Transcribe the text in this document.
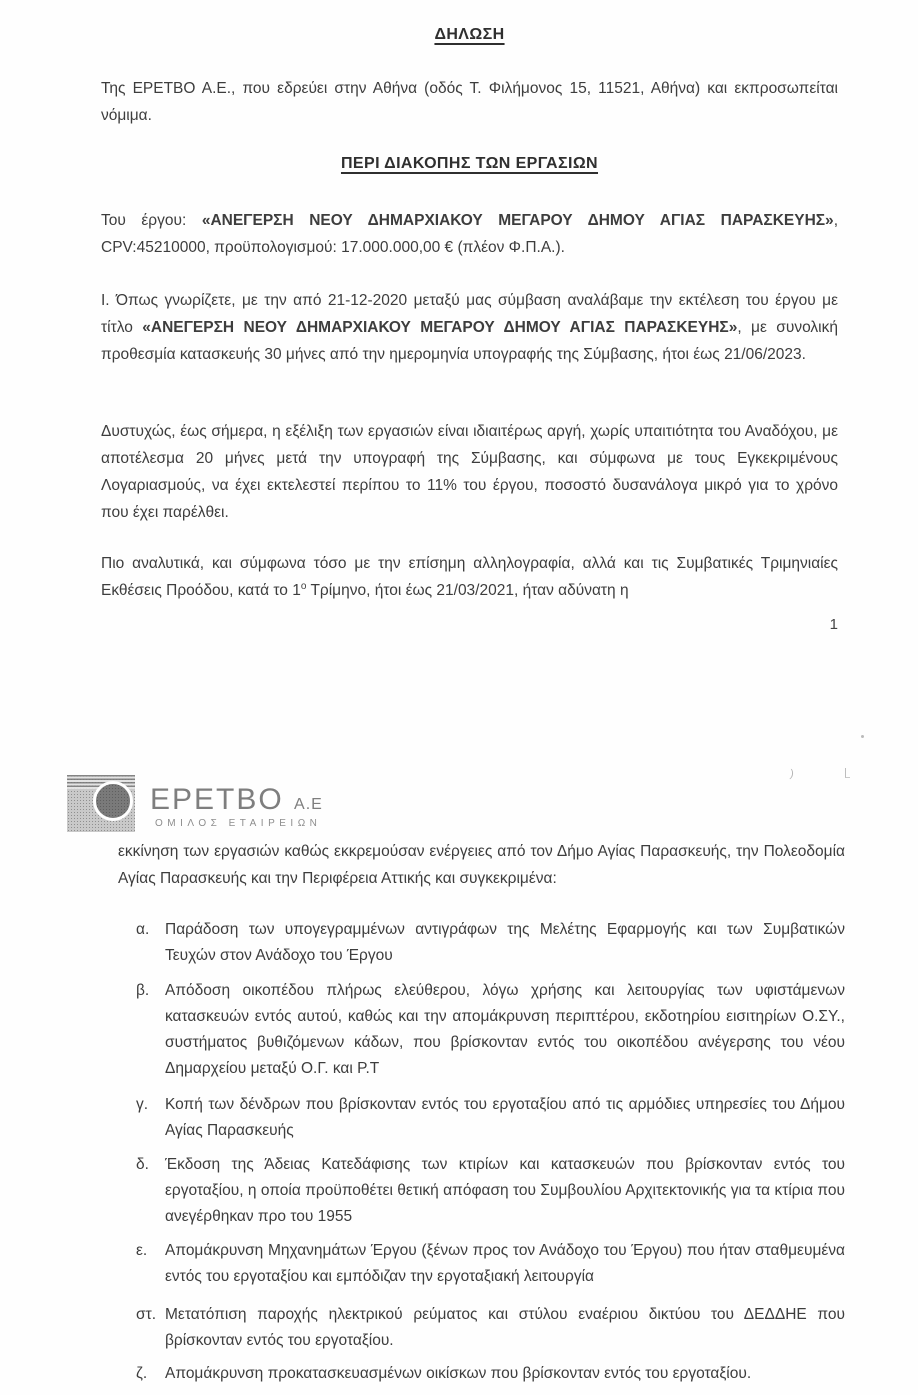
ΔΗΛΩΣΗ

Της ΕΡΕΤΒΟ Α.Ε., που εδρεύει στην Αθήνα (οδός Τ. Φιλήμονος 15, 11521, Αθήνα) και εκπροσωπείται νόμιμα.

ΠΕΡΙ ΔΙΑΚΟΠΗΣ ΤΩΝ ΕΡΓΑΣΙΩΝ

Του έργου: «ΑΝΕΓΕΡΣΗ ΝΕΟΥ ΔΗΜΑΡΧΙΑΚΟΥ ΜΕΓΑΡΟΥ ΔΗΜΟΥ ΑΓΙΑΣ ΠΑΡΑΣΚΕΥΗΣ», CPV:45210000, προϋπολογισμού: 17.000.000,00 € (πλέον Φ.Π.Α.).

Ι. Όπως γνωρίζετε, με την από 21-12-2020 μεταξύ μας σύμβαση αναλάβαμε την εκτέλεση του έργου με τίτλο «ΑΝΕΓΕΡΣΗ ΝΕΟΥ ΔΗΜΑΡΧΙΑΚΟΥ ΜΕΓΑΡΟΥ ΔΗΜΟΥ ΑΓΙΑΣ ΠΑΡΑΣΚΕΥΗΣ», με συνολική προθεσμία κατασκευής 30 μήνες από την ημερομηνία υπογραφής της Σύμβασης, ήτοι έως 21/06/2023.

Δυστυχώς, έως σήμερα, η εξέλιξη των εργασιών είναι ιδιαιτέρως αργή, χωρίς υπαιτιότητα του Αναδόχου, με αποτέλεσμα 20 μήνες μετά την υπογραφή της Σύμβασης, και σύμφωνα με τους Εγκεκριμένους Λογαριασμούς, να έχει εκτελεστεί περίπου το 11% του έργου, ποσοστό δυσανάλογα μικρό για το χρόνο που έχει παρέλθει.

Πιο αναλυτικά, και σύμφωνα τόσο με την επίσημη αλληλογραφία, αλλά και τις Συμβατικές Τριμηνιαίες Εκθέσεις Προόδου, κατά το $1^o$ Τρίμηνο, ήτοι έως 21/03/2021, ήταν αδύνατη η

1
EPETBO Α.Ε
ΟΜΙΛΟΣ ΕΤΑΙΡΕΙΩΝ
)

εκκίνηση των εργασιών καθώς εκκρεμούσαν ενέργειες από τον Δήμο Αγίας Παρασκευής, την Πολεοδομία Αγίας Παρασκευής και την Περιφέρεια Αττικής και συγκεκριμένα:

α.	Παράδοση των υπογεγραμμένων αντιγράφων της Μελέτης Εφαρμογής και των Συμβατικών Τευχών στον Ανάδοχο του Έργου
β.	Απόδοση οικοπέδου πλήρως ελεύθερου, λόγω χρήσης και λειτουργίας των υφιστάμενων κατασκευών εντός αυτού, καθώς και την απομάκρυνση περιπτέρου, εκδοτηρίου εισιτηρίων Ο.ΣΥ., συστήματος βυθιζόμενων κάδων, που βρίσκονταν εντός του οικοπέδου ανέγερσης του νέου Δημαρχείου μεταξύ Ο.Γ. και Ρ.Τ
γ.	Κοπή των δένδρων που βρίσκονταν εντός του εργοταξίου από τις αρμόδιες υπηρεσίες του Δήμου Αγίας Παρασκευής
δ.	Έκδοση της Άδειας Κατεδάφισης των κτιρίων και κατασκευών που βρίσκονταν εντός του εργοταξίου, η οποία προϋποθέτει θετική απόφαση του Συμβουλίου Αρχιτεκτονικής για τα κτίρια που ανεγέρθηκαν προ του 1955
ε.	Απομάκρυνση Μηχανημάτων Έργου (ξένων προς τον Ανάδοχο του Έργου) που ήταν σταθμευμένα εντός του εργοταξίου και εμπόδιζαν την εργοταξιακή λειτουργία
στ. Μετατόπιση παροχής ηλεκτρικού ρεύματος και στύλου εναέριου δικτύου του ΔΕΔΔΗΕ που βρίσκονταν εντός του εργοταξίου.
ζ.	Απομάκρυνση προκατασκευασμένων οικίσκων που βρίσκονταν εντός του εργοταξίου.
